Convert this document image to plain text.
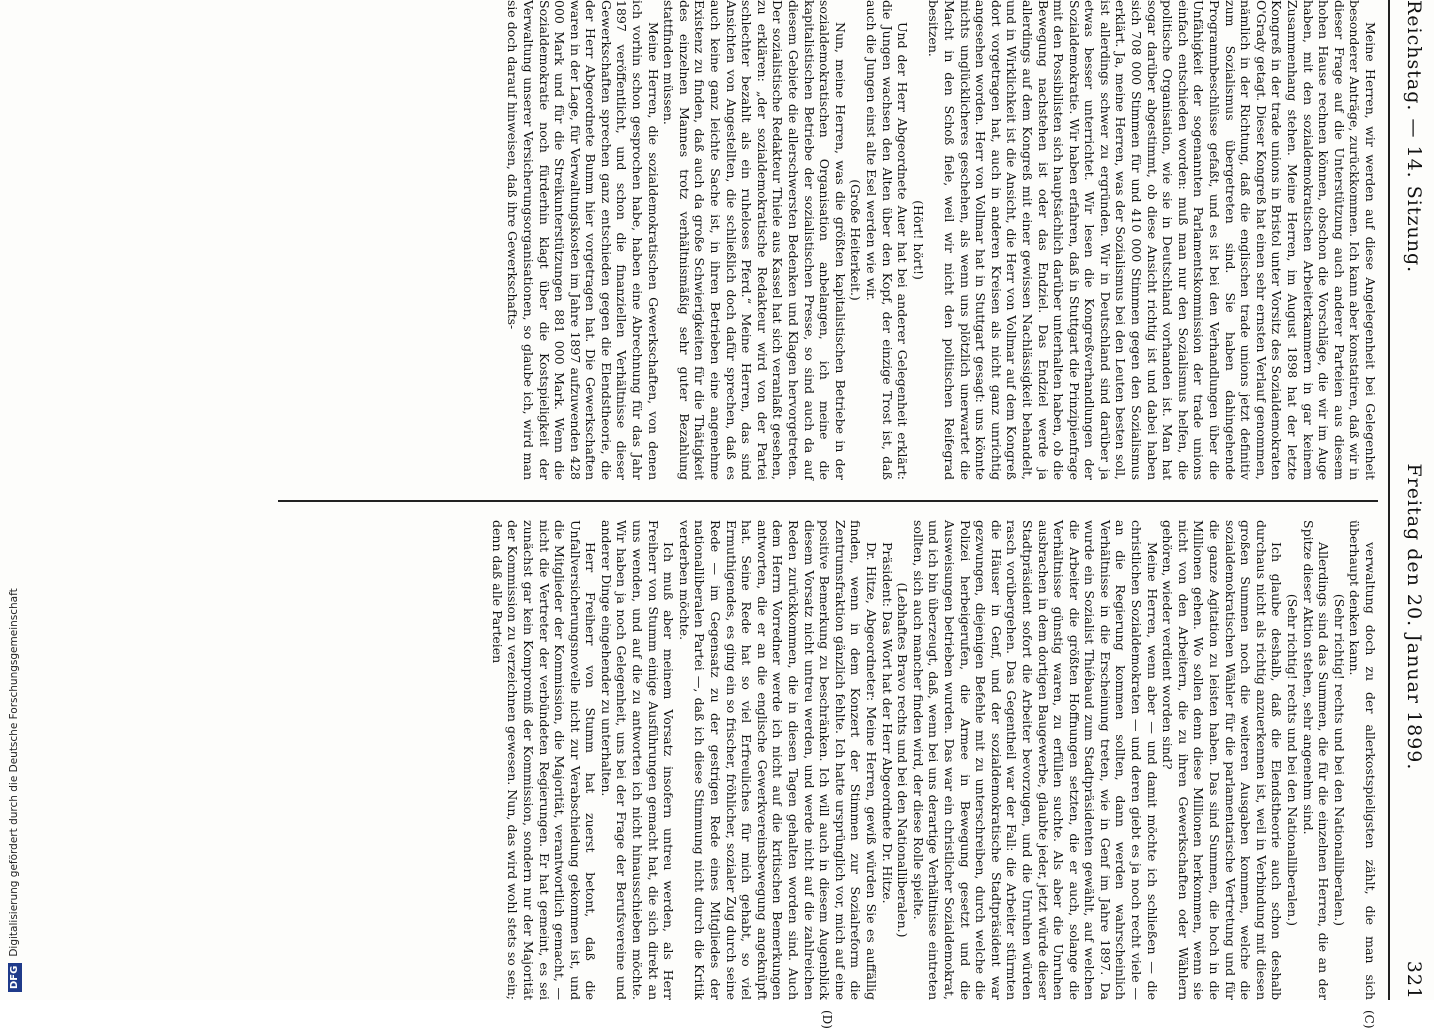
Reichstag. — 14. Sitzung.
Freitag den 20. Januar 1899.
321
(C)
(D)

Meine Herren, wir werden auf diese Angelegenheit bei Gelegenheit besonderer Anträge, zurückkommen. Ich kann aber konstatiren, daß wir in dieser Frage auf die Unterstützung auch anderer Parteien aus diesem hohen Hause rechnen können, obschon die Vorschläge, die wir im Auge haben, mit den sozialdemokratischen Arbeiterkammern in gar keinem Zusammenhang stehen. Meine Herren, im August 1898 hat der letzte Kongreß in der trade unions in Bristol unter Vorsitz des Sozialdemokraten O'Grady getagt. Dieser Kongreß hat einen sehr ernsten Verlauf genommen, nämlich in der Richtung, daß die englischen trade unions jetzt definitiv zum Sozialismus übergetreten sind. Sie haben dahingehende Programmbeschlüsse gefaßt, und es ist bei den Verhandlungen über die Unfähigkeit der sogenannten Parlamentskommission der trade unions einfach entschieden worden: muß man nur den Sozialismus helfen, die politische Organisation, wie sie in Deutschland vorhanden ist. Man hat sogar darüber abgestimmt, ob diese Ansicht richtig ist und dabei haben sich 708 000 Stimmen für und 410 000 Stimmen gegen den Sozialismus erklärt. Ja, meine Herren, was der Sozialismus bei den Leuten besten soll, ist allerdings schwer zu ergründen. Wir in Deutschland sind darüber ja etwas besser unterrichtet. Wir lesen die Kongreßverhandlungen der Sozialdemokratie. Wir haben erfahren, daß in Stuttgart die Prinzipienfrage mit den Possibilisten sich hauptsächlich darüber unterhalten haben, ob die Bewegung nachstehen ist oder das Endziel. Das Endziel werde ja allerdings auf dem Kongreß mit einer gewissen Nachlässigkeit behandelt, und in Wirklichkeit ist die Ansicht, die Herr von Vollmar auf dem Kongreß dort vorgetragen hat, auch in anderen Kreisen als nicht ganz unrichtig angesehen worden. Herr von Vollmar hat in Stuttgart gesagt: uns könnte nichts unglücklicheres geschehen, als wenn uns plötzlich unerwartet die Macht in den Schoß fiele, weil wir nicht den politischen Reifegrad besitzen.

(Hört! hört!)

Und der Herr Abgeordnete Auer hat bei anderer Gelegenheit erklärt: die Jungen wachsen den Alten über den Kopf, der einzige Trost ist, daß auch die Jungen einst alte Esel werden wie wir.

(Große Heiterkeit.)

Nun, meine Herren, was die größten kapitalistischen Betriebe in der sozialdemokratischen Organisation anbelangen, ich meine die kapitalistischen Betriebe der sozialistischen Presse, so sind auch da auf diesem Gebiete die allerschwersten Bedenken und Klagen hervorgetreten. Der sozialistische Redakteur Thiele aus Kassel hat sich veranlaßt gesehen, zu erklären: „der sozialdemokratische Redakteur wird von der Partei schlechter bezahlt als ein ruheloses Pferd.“ Meine Herren, das sind Ansichten von Angestellten, die schließlich doch dafür sprechen, daß es auch keine ganz leichte Sache ist, in ihren Betrieben eine angenehme Existenz zu finden, daß auch da große Schwierigkeiten für die Thätigkeit des einzelnen Mannes trotz verhältnismäßig sehr guter Bezahlung stattfinden müssen.

Meine Herren, die sozialdemokratischen Gewerkschaften, von denen ich vorhin schon gesprochen habe, haben eine Abrechnung für das Jahr 1897 veröffentlicht, und schon die finanziellen Verhältnisse dieser Gewerkschaften sprechen ganz entschieden gegen die Elendstheorie, die der Herr Abgeordnete Bumm hier vorgetragen hat. Die Gewerkschaften waren in der Lage, für Verwaltungskosten im Jahre 1897 aufzuwenden 428 000 Mark und für die Streikunterstützungen 881 000 Mark. Wenn die Sozialdemokratie noch fürderhin klagt über die Kostspieligkeit der Verwaltung unserer Versicherungsorganisationen, so glaube ich, wird man sie doch darauf hinweisen, daß ihre Gewerkschafts-

verwaltung doch zu der allerkostspieligsten zählt, die man sich überhaupt denken kann.

(Sehr richtig! rechts und bei den Nationalliberalen.)

Allerdings sind das Summen, die für die einzelnen Herren, die an der Spitze dieser Aktion stehen, sehr angenehm sind.

(Sehr richtig! rechts und bei den Nationalliberalen.)

Ich glaube deshalb, daß die Elendstheorie auch schon deshalb durchaus nicht als richtig anzuerkennen ist, weil in Verbindung mit diesen großen Summen noch die weiteren Ausgaben kommen, welche die sozialdemokratischen Wähler für die parlamentarische Vertretung und für die ganze Agitation zu leisten haben. Das sind Summen, die hoch in die Millionen gehen. Wo sollen denn diese Millionen herkommen, wenn sie nicht von den Arbeitern, die zu ihren Gewerkschaften oder Wählern gehören, wieder verdient worden sind?

Meine Herren, wenn aber — und damit möchte ich schließen — die christlichen Sozialdemokraten — und deren giebt es ja noch recht viele — an die Regierung kommen sollten, dann werden wahrscheinlich Verhältnisse in die Erscheinung treten, wie in Genf im Jahre 1897. Da wurde ein Sozialist Thiébaud zum Stadtpräsidenten gewählt, auf welchen die Arbeiter die größten Hoffnungen setzten, die er auch, solange die Verhältnisse günstig waren, zu erfüllen suchte. Als aber die Unruhen ausbrachen in dem dortigen Baugewerbe, glaubte jeder, jetzt würde dieser Stadtpräsident sofort die Arbeiter bevorzugen, und die Unruhen würden rasch vorübergehen. Das Gegentheil war der Fall: die Arbeiter stürmten die Häuser in Genf, und der sozialdemokratische Stadtpräsident war gezwungen, diejenigen Befehle mit zu unterschreiben, durch welche die Polizei herbeigerufen, die Armee in Bewegung gesetzt und die Ausweisungen betrieben wurden. Das war ein christlicher Sozialdemokrat, und ich bin überzeugt, daß, wenn bei uns derartige Verhältnisse eintreten sollten, sich auch mancher finden wird, der diese Rolle spielte.

(Lebhaftes Bravo rechts und bei den Nationalliberalen.)

Präsident: Das Wort hat der Herr Abgeordnete Dr. Hitze.

Dr. Hitze, Abgeordneter: Meine Herren, gewiß würden Sie es auffällig finden, wenn in dem Konzert der Stimmen zur Sozialreform die Zentrumsfraktion gänzlich fehlte. Ich hatte ursprünglich vor, mich auf eine positive Bemerkung zu beschränken. Ich will auch in diesem Augenblick diesem Vorsatz nicht untreu werden, und werde nicht auf die zahlreichen Reden zurückkommen, die in diesen Tagen gehalten worden sind. Auch dem Herrn Vorredner werde ich nicht auf die kritischen Bemerkungen antworten, die er an die englische Gewerkvereinsbewegung angeknüpft hat. Seine Rede hat so viel Erfreuliches für mich gehabt, so viel Ermuthigendes, es ging ein so frischer, fröhlicher, sozialer Zug durch seine Rede — im Gegensatz zu der gestrigen Rede eines Mitgliedes der nationalliberalen Partei —, daß ich diese Stimmung nicht durch die Kritik verderben möchte.

Ich muß aber meinem Vorsatz insofern untreu werden, als Herr Freiherr von Stumm einige Ausführungen gemacht hat, die sich direkt an uns wenden, und auf die zu antworten ich nicht hinausschieben möchte. Wir haben ja noch Gelegenheit, uns bei der Frage der Berufsvereine und anderer Dinge eingehender zu unterhalten.

Herr Freiherr von Stumm hat zuerst betont, daß die Unfallversicherungsnovelle nicht zur Verabschiedung gekommen ist, und die Mitglieder der Kommission, die Majorität, verantwortlich gemacht, — nicht die Vertreter der verbündeten Regierungen. Er hat gemeint, es sei zunächst gar kein Kompromiß der Kommission, sondern nur der Majorität der Kommission zu verzeichnen gewesen. Nun, das wird wohl stets so sein; denn daß alle Parteien

DFGDigitalisierung gefördert durch die Deutsche Forschungsgemeinschaft
